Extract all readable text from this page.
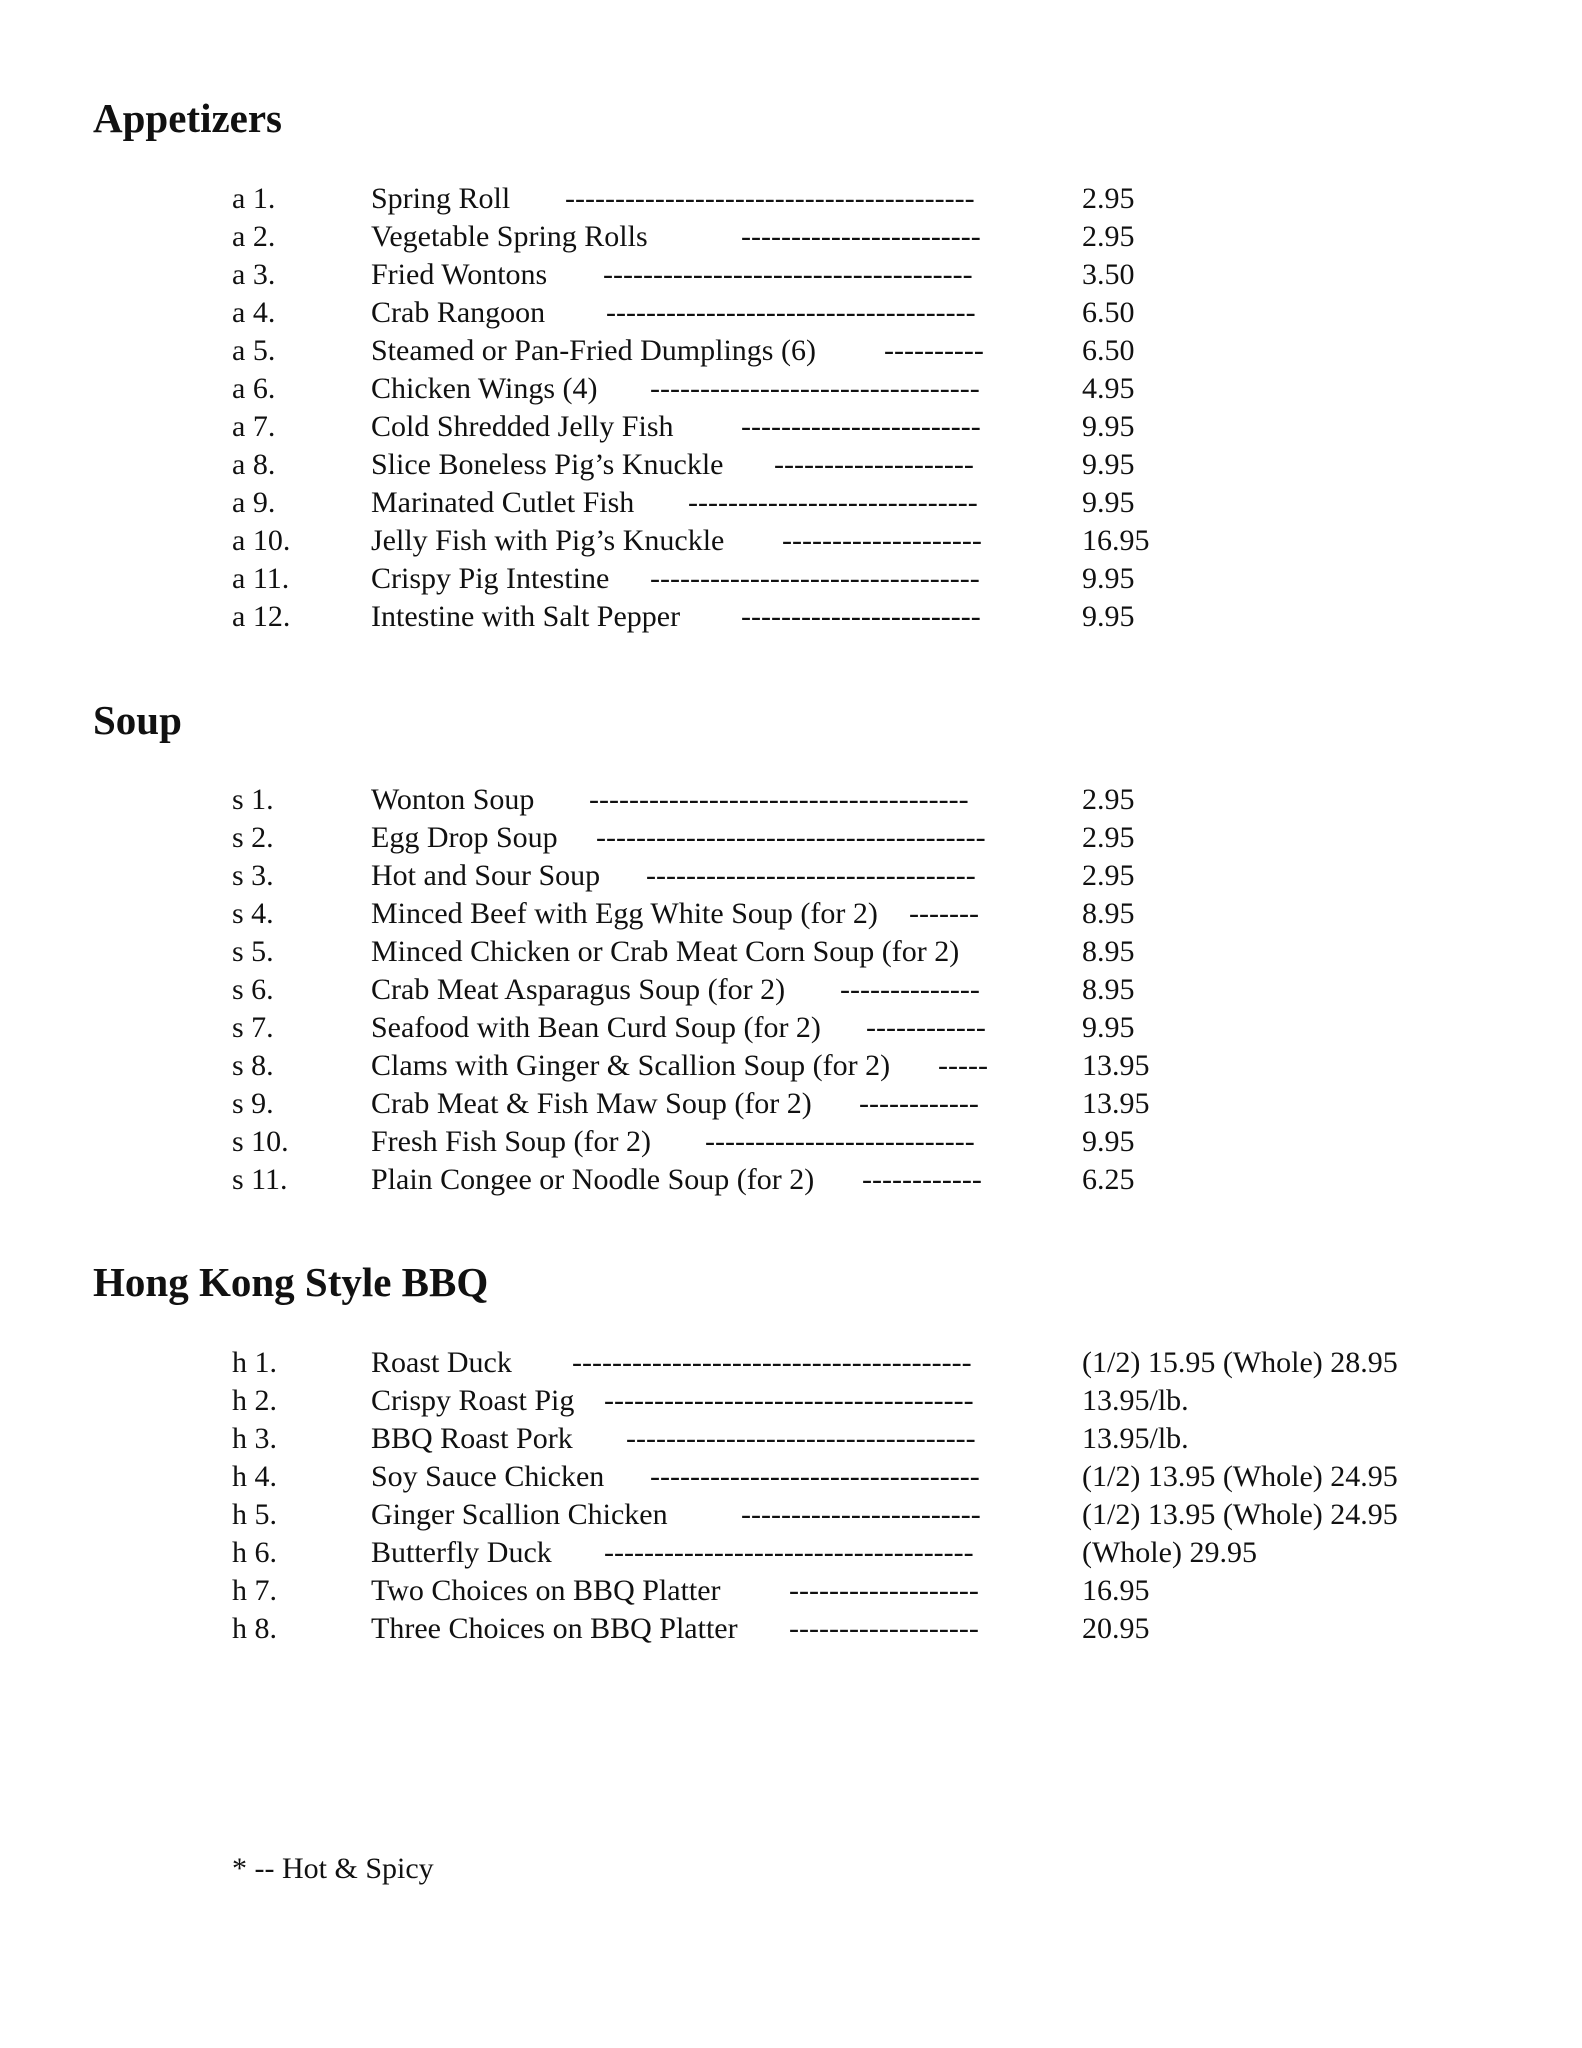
Appetizers
a 1.	Spring Roll -----------------------------------------	2.95
a 2.	Vegetable Spring Rolls	------------------------	2.95
a 3.	Fried Wontons -------------------------------------	3.50
a 4.	Crab Rangoon -------------------------------------	6.50
a 5.	Steamed or Pan-Fried Dumplings (6) ----------	6.50
a 6.	Chicken Wings (4) ---------------------------------	4.95
a 7.	Cold Shredded Jelly Fish ------------------------	9.95
a 8.	Slice Boneless Pig’s Knuckle --------------------	9.95
a 9.	Marinated Cutlet Fish -----------------------------	9.95
a 10.	Jelly Fish with Pig’s Knuckle --------------------	16.95
a 11.	Crispy Pig Intestine ---------------------------------	9.95
a 12.	Intestine with Salt Pepper ------------------------	9.95
Soup
s 1.	Wonton Soup --------------------------------------	2.95
s 2.	Egg Drop Soup ---------------------------------------	2.95
s 3.	Hot and Sour Soup ---------------------------------	2.95
s 4.	Minced Beef with Egg White Soup (for 2) -------	8.95
s 5.	Minced Chicken or Crab Meat Corn Soup (for 2)	8.95
s 6.	Crab Meat Asparagus Soup (for 2) --------------	8.95
s 7.	Seafood with Bean Curd Soup (for 2) ------------	9.95
s 8.	Clams with Ginger & Scallion Soup (for 2) -----	13.95
s 9.	Crab Meat & Fish Maw Soup (for 2) ------------	13.95
s 10.	Fresh Fish Soup (for 2) ---------------------------	9.95
s 11.	Plain Congee or Noodle Soup (for 2) ------------	6.25
Hong Kong Style BBQ
h 1.	Roast Duck ----------------------------------------	(1/2) 15.95 (Whole) 28.95
h 2.	Crispy Roast Pig -------------------------------------	13.95/lb.
h 3.	BBQ Roast Pork -----------------------------------	13.95/lb.
h 4.	Soy Sauce Chicken ---------------------------------	(1/2) 13.95 (Whole) 24.95
h 5.	Ginger Scallion Chicken ------------------------	(1/2) 13.95 (Whole) 24.95
h 6.	Butterfly Duck -------------------------------------	(Whole) 29.95
h 7.	Two Choices on BBQ Platter -------------------	16.95
h 8.	Three Choices on BBQ Platter -------------------	20.95
* -- Hot & Spicy
